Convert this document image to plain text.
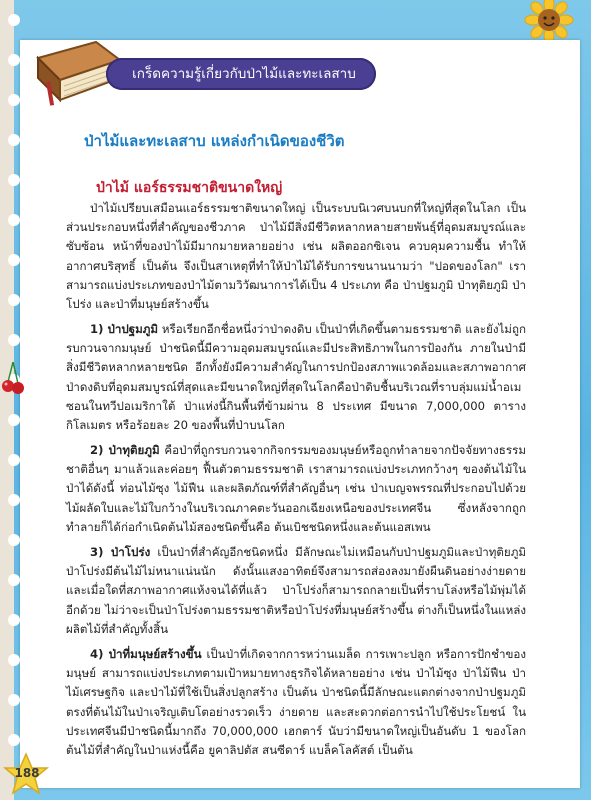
188
เกร็ดความรู้เกี่ยวกับป่าไม้และทะเลสาบ
ป่าไม้และทะเลสาบ แหล่งกำเนิดของชีวิต
ป่าไม้ แอร์ธรรมชาติขนาดใหญ่

ป่าไม้เปรียบเสมือนแอร์ธรรมชาติขนาดใหญ่ เป็นระบบนิเวศบนบกที่ใหญ่ที่สุดในโลก เป็นส่วนประกอบหนึ่งที่สำคัญของชีวภาค ป่าไม้มีสิ่งมีชีวิตหลากหลายสายพันธุ์ที่อุดมสมบูรณ์และซับซ้อน หน้าที่ของป่าไม้มีมากมายหลายอย่าง เช่น ผลิตออกซิเจน ควบคุมความชื้น ทำให้อากาศบริสุทธิ์ เป็นต้น จึงเป็นสาเหตุที่ทำให้ป่าไม้ได้รับการขนานนามว่า "ปอดของโลก" เราสามารถแบ่งประเภทของป่าไม้ตามวิวัฒนาการได้เป็น 4 ประเภท คือ ป่าปฐมภูมิ ป่าทุติยภูมิ ป่าโปร่ง และป่าที่มนุษย์สร้างขึ้น

1) ป่าปฐมภูมิ หรือเรียกอีกชื่อหนึ่งว่าป่าดงดิบ เป็นป่าที่เกิดขึ้นตามธรรมชาติ และยังไม่ถูกรบกวนจากมนุษย์ ป่าชนิดนี้มีความอุดมสมบูรณ์และมีประสิทธิภาพในการป้องกัน ภายในป่ามีสิ่งมีชีวิตหลากหลายชนิด อีกทั้งยังมีความสำคัญในการปกป้องสภาพแวดล้อมและสภาพอากาศ ป่าดงดิบที่อุดมสมบูรณ์ที่สุดและมีขนาดใหญ่ที่สุดในโลกคือป่าดิบชื้นบริเวณที่ราบลุ่มแม่น้ำอเมซอนในทวีปอเมริกาใต้ ป่าแห่งนี้กินพื้นที่ข้ามผ่าน 8 ประเทศ มีขนาด 7,000,000 ตารางกิโลเมตร หรือร้อยละ 20 ของพื้นที่ป่าบนโลก

2) ป่าทุติยภูมิ คือป่าที่ถูกรบกวนจากกิจกรรมของมนุษย์หรือถูกทำลายจากปัจจัยทางธรรมชาติอื่นๆ มาแล้วและค่อยๆ ฟื้นตัวตามธรรมชาติ เราสามารถแบ่งประเภทกว้างๆ ของต้นไม้ในป่าได้ดังนี้ ท่อนไม้ซุง ไม้ฟืน และผลิตภัณฑ์ที่สำคัญอื่นๆ เช่น ป่าเบญจพรรณที่ประกอบไปด้วยไม้ผลัดใบและไม้ใบกว้างในบริเวณภาคตะวันออกเฉียงเหนือของประเทศจีน ซึ่งหลังจากถูกทำลายก็ได้ก่อกำเนิดต้นไม้สองชนิดขึ้นคือ ต้นเบิชชนิดหนึ่งและต้นแอสเพน

3) ป่าโปร่ง เป็นป่าที่สำคัญอีกชนิดหนึ่ง มีลักษณะไม่เหมือนกับป่าปฐมภูมิและป่าทุติยภูมิ ป่าโปร่งมีต้นไม้ไม่หนาแน่นนัก ดังนั้นแสงอาทิตย์จึงสามารถส่องลงมายังผืนดินอย่างง่ายดาย และเมื่อใดที่สภาพอากาศแห้งจนได้ที่แล้ว ป่าโปร่งก็สามารถกลายเป็นที่ราบโล่งหรือไม้พุ่มได้อีกด้วย ไม่ว่าจะเป็นป่าโปร่งตามธรรมชาติหรือป่าโปร่งที่มนุษย์สร้างขึ้น ต่างก็เป็นหนึ่งในแหล่งผลิตไม้ที่สำคัญทั้งสิ้น

4) ป่าที่มนุษย์สร้างขึ้น เป็นป่าที่เกิดจากการหว่านเมล็ด การเพาะปลูก หรือการปักชำของมนุษย์ สามารถแบ่งประเภทตามเป้าหมายทางธุรกิจได้หลายอย่าง เช่น ป่าไม้ซุง ป่าไม้ฟืน ป่าไม้เศรษฐกิจ และป่าไม้ที่ใช้เป็นสิ่งปลูกสร้าง เป็นต้น ป่าชนิดนี้มีลักษณะแตกต่างจากป่าปฐมภูมิตรงที่ต้นไม้ในป่าเจริญเติบโตอย่างรวดเร็ว ง่ายดาย และสะดวกต่อการนำไปใช้ประโยชน์ ในประเทศจีนมีป่าชนิดนี้มากถึง 70,000,000 เฮกตาร์ นับว่ามีขนาดใหญ่เป็นอันดับ 1 ของโลก ต้นไม้ที่สำคัญในป่าแห่งนี้คือ ยูคาลิปตัส สนซีดาร์ แบล็คโลคัสต์ เป็นต้น
